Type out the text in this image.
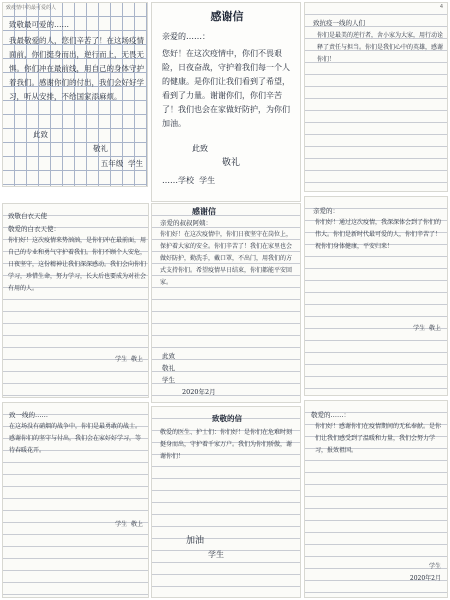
致疫情中的最可爱的人
致敬最可爱的……
我最敬爱的人，您们辛苦了！在这场疫情面前，你们挺身而出，逆行而上，无畏无惧。你们冲在最前线，用自己的身体守护着我们。感谢你们的付出，我们会好好学习，听从安排，不给国家添麻烦。
此致
敬礼
五年级  学生
感谢信
亲爱的……：
您好！在这次疫情中，你们不畏艰险，日夜奋战，守护着我们每一个人的健康。是你们让我们看到了希望，看到了力量。谢谢你们，你们辛苦了！我们也会在家做好防护，为你们加油。
此致
敬礼
……学校  学生
4
致抗疫一线的人们
你们是最美的逆行者，舍小家为大家，用行动诠释了责任与担当。你们是我们心中的英雄，感谢你们！
致敬白衣天使
敬爱的白衣天使：
你们好！这次疫情来势汹汹，是你们冲在最前面，用自己的专业和勇气守护着我们。你们不顾个人安危，日夜坚守，这份精神让我们深深感动。我们会向你们学习，珍惜生命，努力学习，长大后也要成为对社会有用的人。
学生  敬上
感谢信
亲爱的叔叔阿姨：
你们好！在这次疫情中，你们日夜坚守在岗位上，保护着大家的安全。你们辛苦了！我们在家里也会做好防护，勤洗手，戴口罩，不出门，用我们的方式支持你们。希望疫情早日结束，你们都能平安回家。
此致
敬礼
学生
2020年2月
亲爱的：
你们好！通过这次疫情，我深深体会到了你们的伟大。你们是新时代最可爱的人，你们辛苦了！祝你们身体健康，平安归来！
学生  敬上
致一线的……
在这场没有硝烟的战争中，你们是最勇敢的战士。感谢你们的坚守与付出，我们会在家好好学习，等待春暖花开。
学生  敬上
致敬的信
敬爱的医生、护士们：你们好！是你们在危难时刻挺身而出，守护着千家万户。我们为你们骄傲，谢谢你们！
加油
学生
敬爱的……：
你们好！感谢你们在疫情期间的无私奉献。是你们让我们感受到了温暖和力量，我们会努力学习，报效祖国。
学生
2020年2月
